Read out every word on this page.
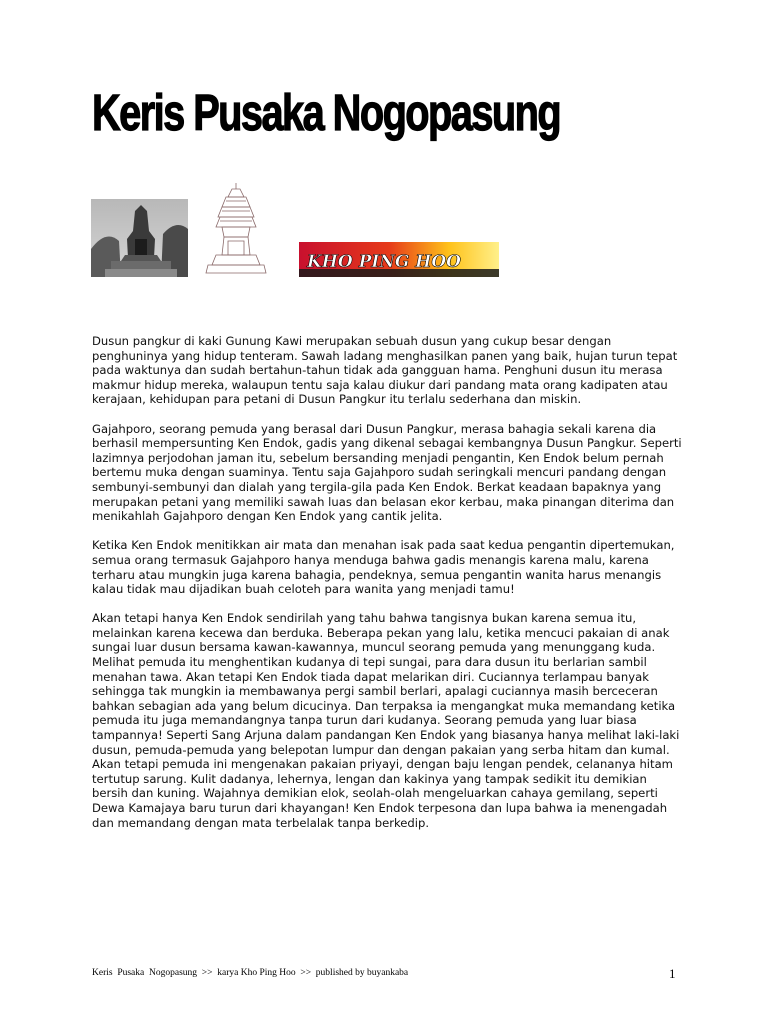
Keris Pusaka Nogopasung
KHO PING HOO

Dusun pangkur di kaki Gunung Kawi merupakan sebuah dusun yang cukup besar dengan penghuninya yang hidup tenteram. Sawah ladang menghasilkan panen yang baik, hujan turun tepat pada waktunya dan sudah bertahun-tahun tidak ada gangguan hama. Penghuni dusun itu merasa makmur hidup mereka, walaupun tentu saja kalau diukur dari pandang mata orang kadipaten atau kerajaan, kehidupan para petani di Dusun Pangkur itu terlalu sederhana dan miskin.

Gajahporo, seorang pemuda yang berasal dari Dusun Pangkur, merasa bahagia sekali karena dia berhasil mempersunting Ken Endok, gadis yang dikenal sebagai kembangnya Dusun Pangkur. Seperti lazimnya perjodohan jaman itu, sebelum bersanding menjadi pengantin, Ken Endok belum pernah bertemu muka dengan suaminya. Tentu saja Gajahporo sudah seringkali mencuri pandang dengan sembunyi-sembunyi dan dialah yang tergila-gila pada Ken Endok. Berkat keadaan bapaknya yang merupakan petani yang memiliki sawah luas dan belasan ekor kerbau, maka pinangan diterima dan menikahlah Gajahporo dengan Ken Endok yang cantik jelita.

Ketika Ken Endok menitikkan air mata dan menahan isak pada saat kedua pengantin dipertemukan, semua orang termasuk Gajahporo hanya menduga bahwa gadis menangis karena malu, karena terharu atau mungkin juga karena bahagia, pendeknya, semua pengantin wanita harus menangis kalau tidak mau dijadikan buah celoteh para wanita yang menjadi tamu!

Akan tetapi hanya Ken Endok sendirilah yang tahu bahwa tangisnya bukan karena semua itu, melainkan karena kecewa dan berduka. Beberapa pekan yang lalu, ketika mencuci pakaian di anak sungai luar dusun bersama kawan-kawannya, muncul seorang pemuda yang menunggang kuda. Melihat pemuda itu menghentikan kudanya di tepi sungai, para dara dusun itu berlarian sambil menahan tawa. Akan tetapi Ken Endok tiada dapat melarikan diri. Cuciannya terlampau banyak sehingga tak mungkin ia membawanya pergi sambil berlari, apalagi cuciannya masih berceceran bahkan sebagian ada yang belum dicucinya. Dan terpaksa ia mengangkat muka memandang ketika pemuda itu juga memandangnya tanpa turun dari kudanya. Seorang pemuda yang luar biasa tampannya! Seperti Sang Arjuna dalam pandangan Ken Endok yang biasanya hanya melihat laki-laki dusun, pemuda-pemuda yang belepotan lumpur dan dengan pakaian yang serba hitam dan kumal. Akan tetapi pemuda ini mengenakan pakaian priyayi, dengan baju lengan pendek, celananya hitam tertutup sarung. Kulit dadanya, lehernya, lengan dan kakinya yang tampak sedikit itu demikian bersih dan kuning. Wajahnya demikian elok, seolah-olah mengeluarkan cahaya gemilang, seperti Dewa Kamajaya baru turun dari khayangan! Ken Endok terpesona dan lupa bahwa ia menengadah dan memandang dengan mata terbelalak tanpa berkedip.

Keris  Pusaka  Nogopasung  >>  karya Kho Ping Hoo  >>  published by buyankaba	1
